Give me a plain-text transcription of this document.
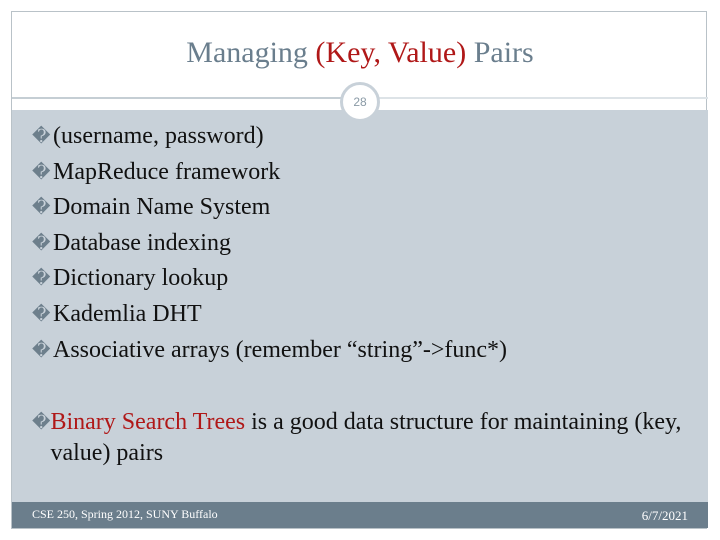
Managing (Key, Value) Pairs
28
� (username, password)
� MapReduce framework
� Domain Name System
� Database indexing
� Dictionary lookup
� Kademlia DHT
� Associative arrays (remember “string”->func*)
� Binary Search Trees is a good data structure for maintaining (key, value) pairs
CSE 250, Spring 2012, SUNY Buffalo	6/7/2021
